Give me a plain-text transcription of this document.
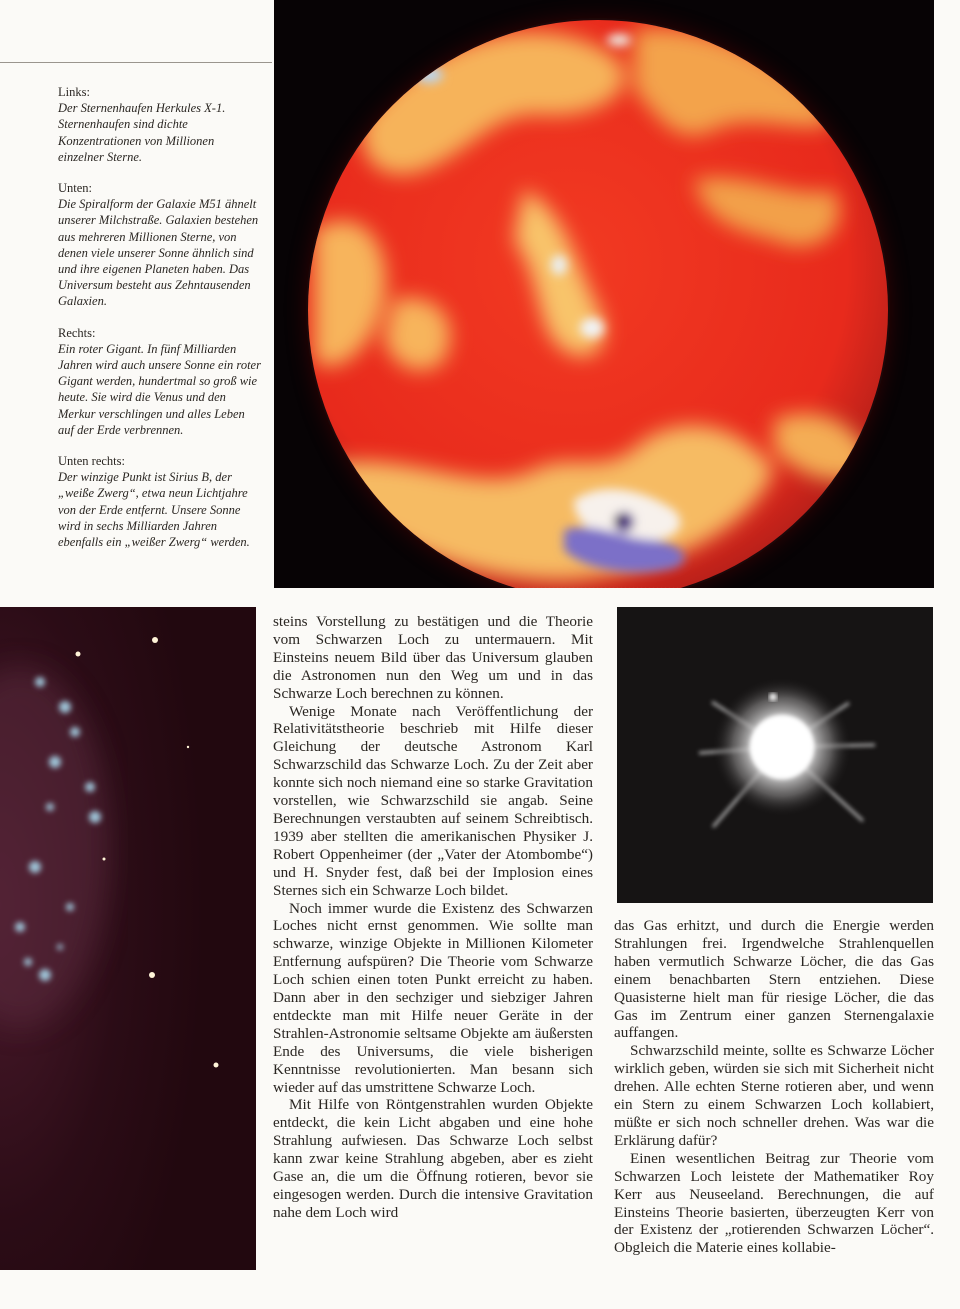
Links:
Der Sternenhaufen Herkules X-1. Sternenhaufen sind dichte Konzentrationen von Millionen einzelner Sterne.
Unten:
Die Spiralform der Galaxie M51 ähnelt unserer Milchstraße. Galaxien bestehen aus mehreren Millionen Sterne, von denen viele unserer Sonne ähnlich sind und ihre eigenen Planeten haben. Das Universum besteht aus Zehntausenden Galaxien.
Rechts:
Ein roter Gigant. In fünf Milliarden Jahren wird auch unsere Sonne ein roter Gigant werden, hundertmal so groß wie heute. Sie wird die Venus und den Merkur verschlingen und alles Leben auf der Erde verbrennen.
Unten rechts:
Der winzige Punkt ist Sirius B, der „weiße Zwerg“, etwa neun Lichtjahre von der Erde entfernt. Unsere Sonne wird in sechs Milliarden Jahren ebenfalls ein „weißer Zwerg“ werden.

steins Vorstellung zu bestätigen und die Theorie vom Schwarzen Loch zu untermauern. Mit Einsteins neuem Bild über das Universum glauben die Astronomen nun den Weg um und in das Schwarze Loch berechnen zu können.

Wenige Monate nach Veröffentlichung der Relativitätstheorie beschrieb mit Hilfe dieser Gleichung der deutsche Astronom Karl Schwarzschild das Schwarze Loch. Zu der Zeit aber konnte sich noch niemand eine so starke Gravitation vorstellen, wie Schwarzschild sie angab. Seine Berechnungen verstaubten auf seinem Schreibtisch. 1939 aber stellten die amerikanischen Physiker J. Robert Oppenheimer (der „Vater der Atombombe“) und H. Snyder fest, daß bei der Implosion eines Sternes sich ein Schwarze Loch bildet.

Noch immer wurde die Existenz des Schwarzen Loches nicht ernst genommen. Wie sollte man schwarze, winzige Objekte in Millionen Kilometer Entfernung aufspüren? Die Theorie vom Schwarze Loch schien einen toten Punkt erreicht zu haben. Dann aber in den sechziger und siebziger Jahren entdeckte man mit Hilfe neuer Geräte in der Strahlen-Astronomie seltsame Objekte am äußersten Ende des Universums, die viele bisherigen Kenntnisse revolutionierten. Man besann sich wieder auf das umstrittene Schwarze Loch.

Mit Hilfe von Röntgenstrahlen wurden Objekte entdeckt, die kein Licht abgaben und eine hohe Strahlung aufwiesen. Das Schwarze Loch selbst kann zwar keine Strahlung abgeben, aber es zieht Gase an, die um die Öffnung rotieren, bevor sie eingesogen werden. Durch die intensive Gravitation nahe dem Loch wird

das Gas erhitzt, und durch die Energie werden Strahlungen frei. Irgendwelche Strahlenquellen haben vermutlich Schwarze Löcher, die das Gas einem benachbarten Stern entziehen. Diese Quasisterne hielt man für riesige Löcher, die das Gas im Zentrum einer ganzen Sternengalaxie auffangen.

Schwarzschild meinte, sollte es Schwarze Löcher wirklich geben, würden sie sich mit Sicherheit nicht drehen. Alle echten Sterne rotieren aber, und wenn ein Stern zu einem Schwarzen Loch kollabiert, müßte er sich noch schneller drehen. Was war die Erklärung dafür?

Einen wesentlichen Beitrag zur Theorie vom Schwarzen Loch leistete der Mathematiker Roy Kerr aus Neuseeland. Berechnungen, die auf Einsteins Theorie basierten, überzeugten Kerr von der Existenz der „rotierenden Schwarzen Löcher“. Obgleich die Materie eines kollabie-
